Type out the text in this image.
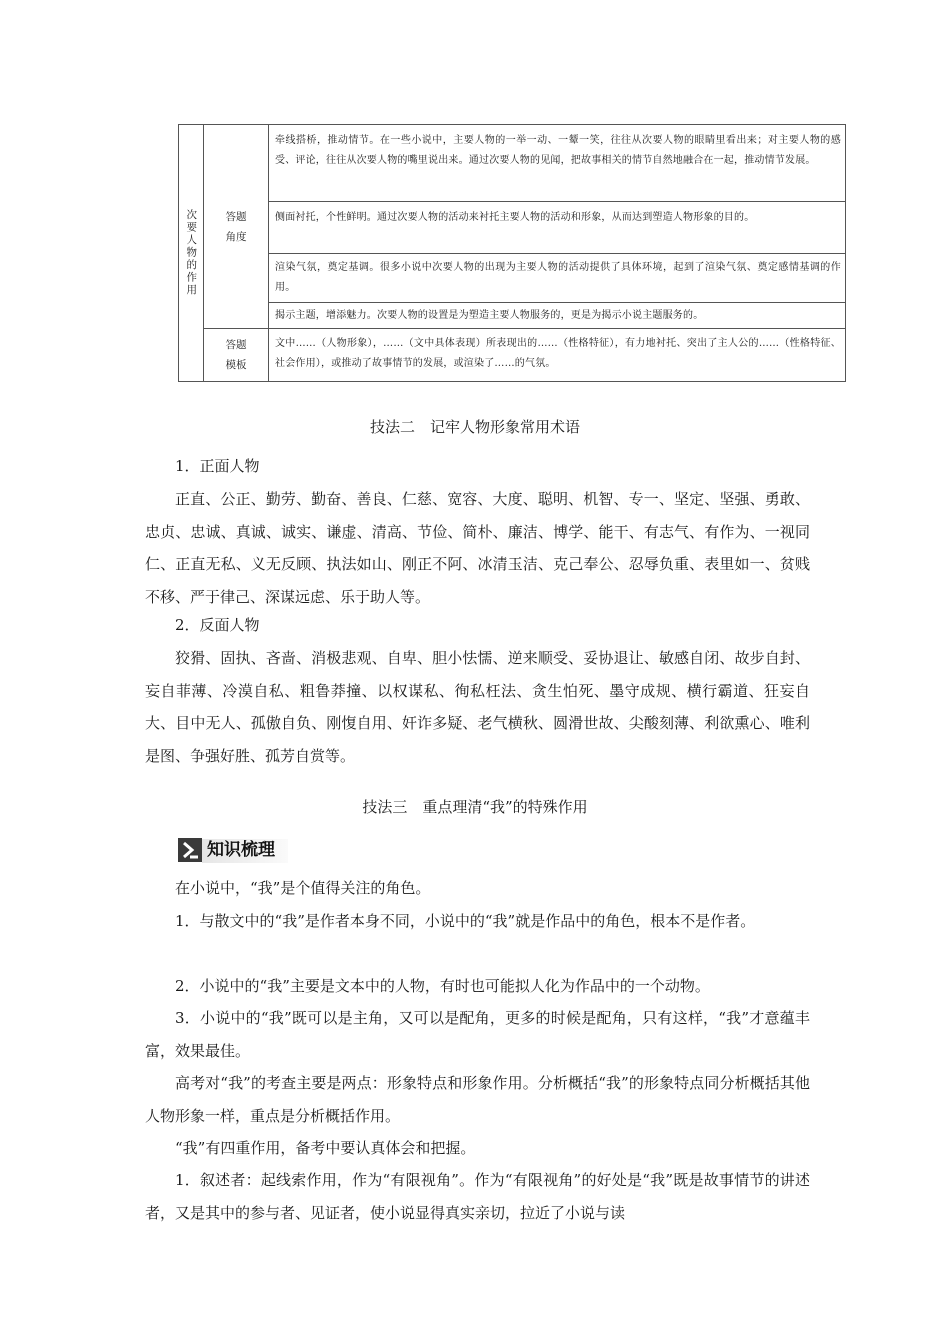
次要人物的作用	答题角度
答题模板
牵线搭桥，推动情节。在一些小说中，主要人物的一举一动、一颦一笑，往往从次要人物的眼睛里看出来；对主要人物的感受、评论，往往从次要人物的嘴里说出来。通过次要人物的见闻，把故事相关的情节自然地融合在一起，推动情节发展。
侧面衬托，个性鲜明。通过次要人物的活动来衬托主要人物的活动和形象，从而达到塑造人物形象的目的。
渲染气氛，奠定基调。很多小说中次要人物的出现为主要人物的活动提供了具体环境，起到了渲染气氛、奠定感情基调的作用。
揭示主题，增添魅力。次要人物的设置是为塑造主要人物服务的，更是为揭示小说主题服务的。
文中……（人物形象），……（文中具体表现）所表现出的……（性格特征），有力地衬托、突出了主人公的……（性格特征、社会作用），或推动了故事情节的发展，或渲染了……的气氛。
技法二　记牢人物形象常用术语

1．正面人物

正直、公正、勤劳、勤奋、善良、仁慈、宽容、大度、聪明、机智、专一、坚定、坚强、勇敢、忠贞、忠诚、真诚、诚实、谦虚、清高、节俭、简朴、廉洁、博学、能干、有志气、有作为、一视同仁、正直无私、义无反顾、执法如山、刚正不阿、冰清玉洁、克己奉公、忍辱负重、表里如一、贫贱不移、严于律己、深谋远虑、乐于助人等。

2．反面人物

狡猾、固执、吝啬、消极悲观、自卑、胆小怯懦、逆来顺受、妥协退让、敏感自闭、故步自封、妄自菲薄、冷漠自私、粗鲁莽撞、以权谋私、徇私枉法、贪生怕死、墨守成规、横行霸道、狂妄自大、目中无人、孤傲自负、刚愎自用、奸诈多疑、老气横秋、圆滑世故、尖酸刻薄、利欲熏心、唯利是图、争强好胜、孤芳自赏等。

技法三　重点理清“我”的特殊作用
知识梳理

在小说中，“我”是个值得关注的角色。

1．与散文中的“我”是作者本身不同，小说中的“我”就是作品中的角色，根本不是作者。

2．小说中的“我”主要是文本中的人物，有时也可能拟人化为作品中的一个动物。

3．小说中的“我”既可以是主角，又可以是配角，更多的时候是配角，只有这样，“我”才意蕴丰富，效果最佳。

高考对“我”的考查主要是两点：形象特点和形象作用。分析概括“我”的形象特点同分析概括其他人物形象一样，重点是分析概括作用。

“我”有四重作用，备考中要认真体会和把握。

1．叙述者：起线索作用，作为“有限视角”。作为“有限视角”的好处是“我”既是故事情节的讲述者，又是其中的参与者、见证者，使小说显得真实亲切，拉近了小说与读
